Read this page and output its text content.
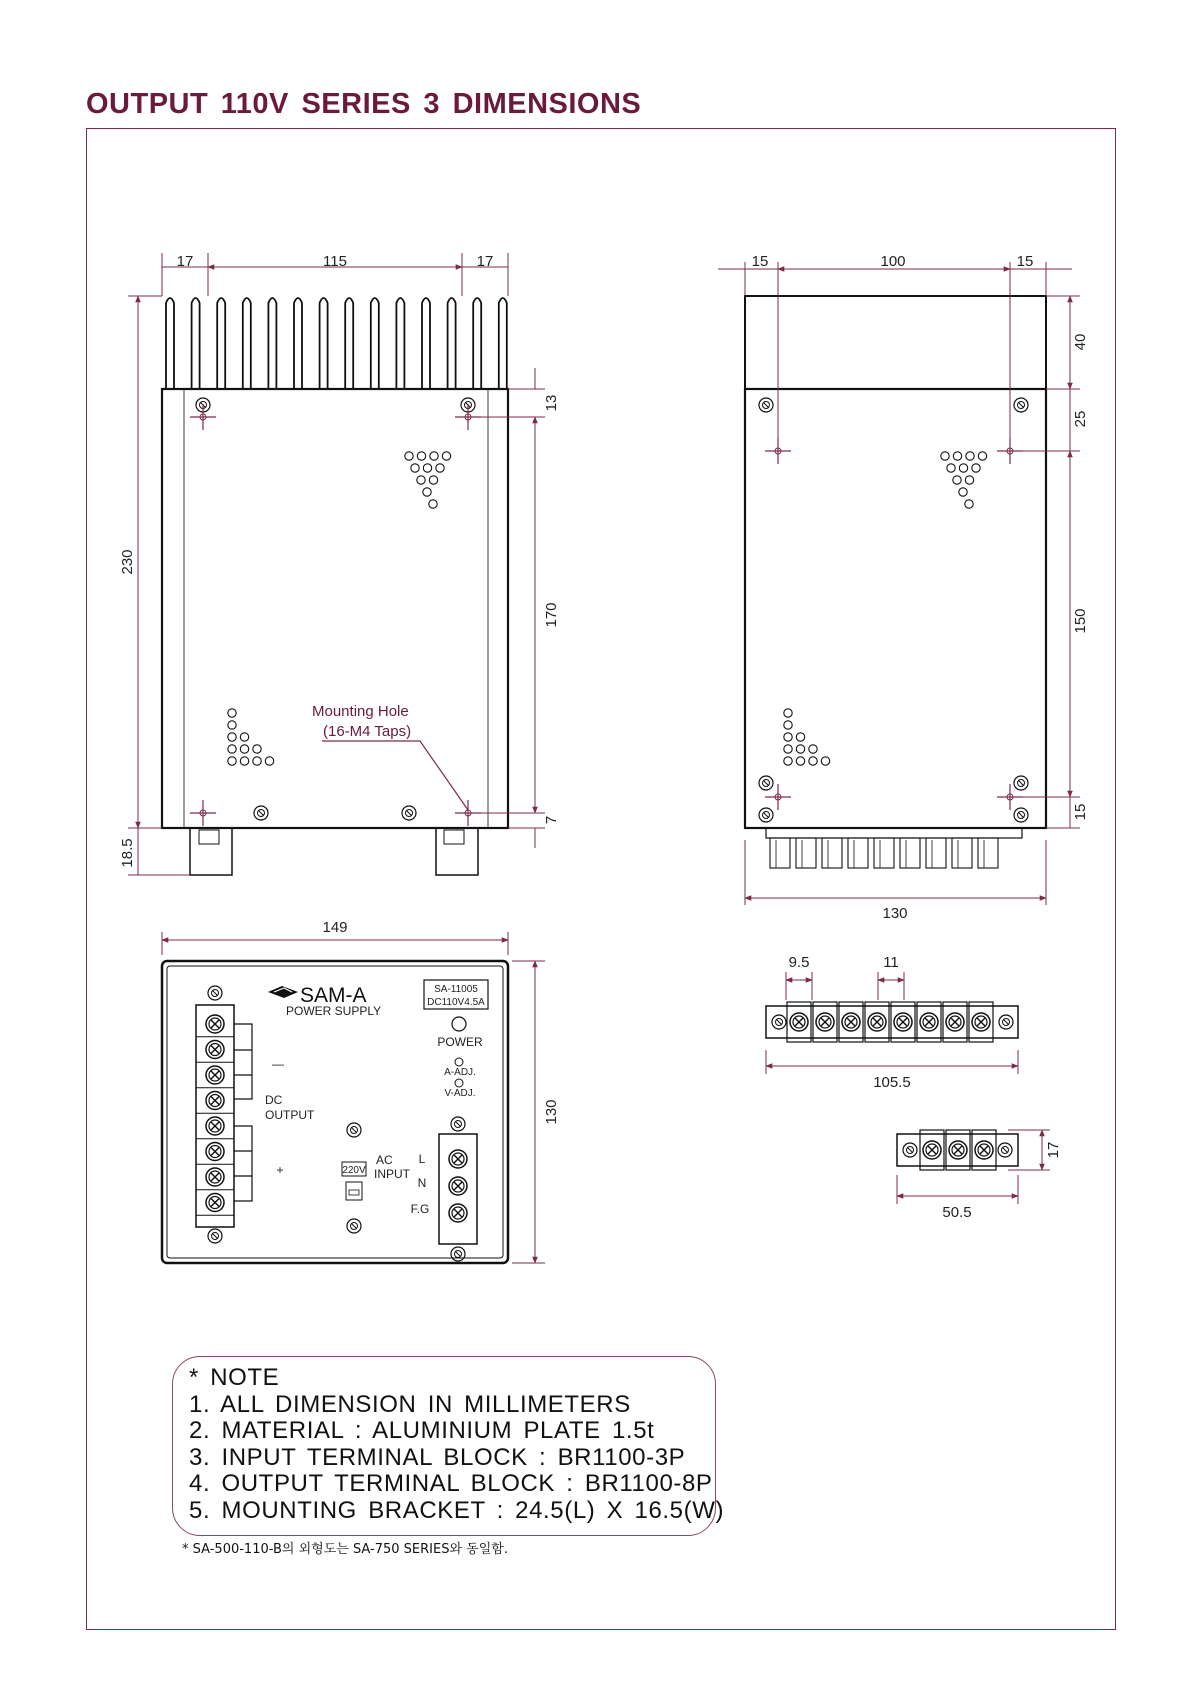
OUTPUT 110V SERIES 3 DIMENSIONS
Mounting Hole
(16-M4 Taps)
17	115	17
230
18.5
13
170
7
15	100	15
40
25
150
15
130
—
+
DC
OUTPUT
SAM-A
POWER SUPPLY
SA-11005
DC110V4.5A
POWER
A-ADJ.
V-ADJ.
AC
INPUT
220V
L
N
F.G
149
130
9.5	11
105.5
50.5
17
* NOTE
1. ALL DIMENSION IN MILLIMETERS
2. MATERIAL : ALUMINIUM PLATE 1.5t
3. INPUT TERMINAL BLOCK : BR1100-3P
4. OUTPUT TERMINAL BLOCK : BR1100-8P
5. MOUNTING BRACKET : 24.5(L) X 16.5(W)
* SA-500-110-B의 외형도는 SA-750 SERIES와 동일함.
